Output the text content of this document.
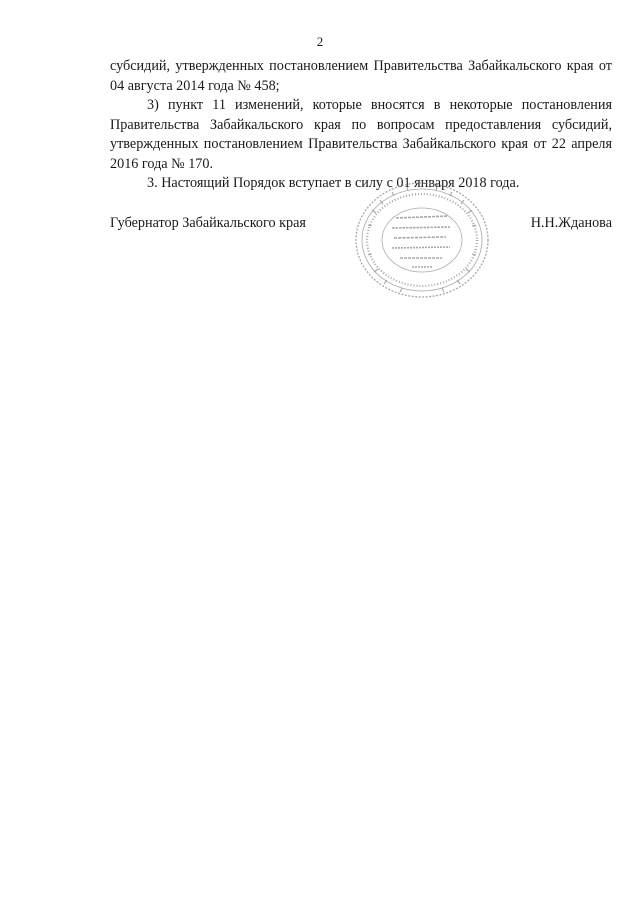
2

субсидий, утвержденных постановлением Правительства Забайкальского края от 04 августа 2014 года № 458;

3) пункт 11 изменений, которые вносятся в некоторые постановления Правительства Забайкальского края по вопросам предоставления субсидий, утвержденных постановлением Правительства Забайкальского края от 22 апреля 2016 года № 170.

3. Настоящий Порядок вступает в силу с 01 января 2018 года.

Губернатор Забайкальского края	Н.Н.Жданова
